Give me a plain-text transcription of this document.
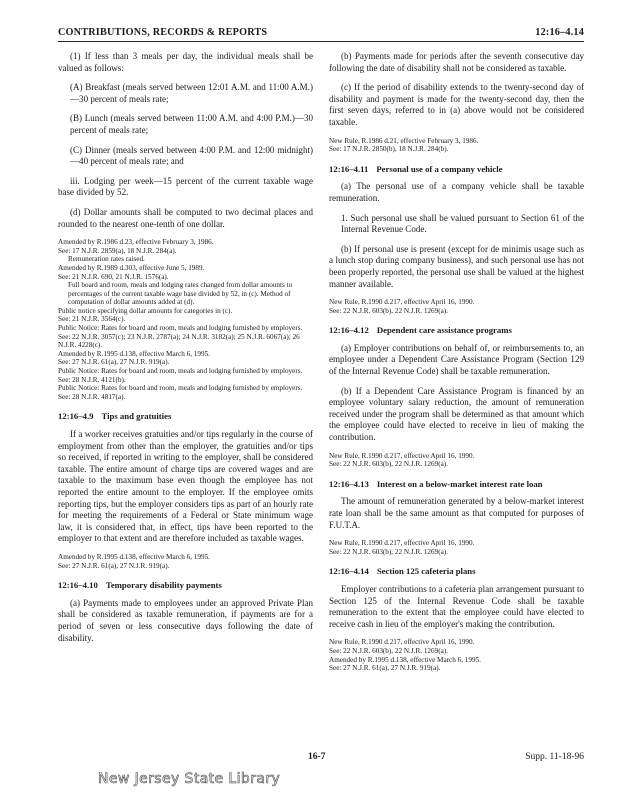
CONTRIBUTIONS, RECORDS & REPORTS	12:16–4.14

(1) If less than 3 meals per day, the individual meals shall be valued as follows:

(A) Breakfast (meals served between 12:01 A.M. and 11:00 A.M.)—30 percent of meals rate;

(B) Lunch (meals served between 11:00 A.M. and 4:00 P.M.)—30 percent of meals rate;

(C) Dinner (meals served between 4:00 P.M. and 12:00 midnight)—40 percent of meals rate; and

iii. Lodging per week—15 percent of the current taxable wage base divided by 52.

(d) Dollar amounts shall be computed to two decimal places and rounded to the nearest one-tenth of one dollar.

Amended by R.1986 d.23, effective February 3, 1986.
See: 17 N.J.R. 2859(a), 18 N.J.R. 284(a).
Remuneration rates raised.
Amended by R.1989 d.303, effective June 5, 1989.
See: 21 N.J.R. 690, 21 N.J.R. 1576(a).
Full board and room, meals and lodging rates changed from dollar amounts to percentages of the current taxable wage base divided by 52, in (c). Method of computation of dollar amounts added at (d).
Public notice specifying dollar amounts for categories in (c).
See: 21 N.J.R. 3564(c).
Public Notice: Rates for board and room, meals and lodging furnished by employers.
See: 22 N.J.R. 3057(c); 23 N.J.R. 2787(a); 24 N.J.R. 3182(a); 25 N.J.R. 6067(a); 26 N.J.R. 4228(c).
Amended by R.1995 d.138, effective March 6, 1995.
See: 27 N.J.R. 61(a), 27 N.J.R. 919(a).
Public Notice: Rates for board and room, meals and lodging furnished by employers.
See: 28 N.J.R. 4121(b).
Public Notice: Rates for board and room, meals and lodging furnished by employers.
See: 28 N.J.R. 4817(a).
12:16–4.9 Tips and gratuities

If a worker receives gratuities and/or tips regularly in the course of employment from other than the employer, the gratuities and/or tips so received, if reported in writing to the employer, shall be considered taxable. The entire amount of charge tips are covered wages and are taxable to the maximum base even though the employee has not reported the entire amount to the employer. If the employee omits reporting tips, but the employer considers tips as part of an hourly rate for meeting the requirements of a Federal or State minimum wage law, it is considered that, in effect, tips have been reported to the employer to that extent and are therefore included as taxable wages.

Amended by R.1995 d.138, effective March 6, 1995.
See: 27 N.J.R. 61(a), 27 N.J.R. 919(a).
12:16–4.10 Temporary disability payments

(a) Payments made to employees under an approved Private Plan shall be considered as taxable remuneration, if payments are for a period of seven or less consecutive days following the date of disability.

(b) Payments made for periods after the seventh consecutive day following the date of disability shall not be considered as taxable.

(c) If the period of disability extends to the twenty-second day of disability and payment is made for the twenty-second day, then the first seven days, referred to in (a) above would not be considered taxable.

New Rule, R.1986 d.21, effective February 3, 1986.
See: 17 N.J.R. 2850(b), 18 N.J.R. 284(b).
12:16–4.11 Personal use of a company vehicle

(a) The personal use of a company vehicle shall be taxable remuneration.

1. Such personal use shall be valued pursuant to Section 61 of the Internal Revenue Code.

(b) If personal use is present (except for de minimis usage such as a lunch stop during company business), and such personal use has not been properly reported, the personal use shall be valued at the highest manner available.

New Rule, R.1990 d.217, effective April 16, 1990.
See: 22 N.J.R. 603(b), 22 N.J.R. 1269(a).
12:16–4.12 Dependent care assistance programs

(a) Employer contributions on behalf of, or reimbursements to, an employee under a Dependent Care Assistance Program (Section 129 of the Internal Revenue Code) shall be taxable remuneration.

(b) If a Dependent Care Assistance Program is financed by an employee voluntary salary reduction, the amount of remuneration received under the program shall be determined as that amount which the employee could have elected to receive in lieu of making the contribution.

New Rule, R.1990 d.217, effective April 16, 1990.
See: 22 N.J.R. 603(b), 22 N.J.R. 1269(a).
12:16–4.13 Interest on a below-market interest rate loan

The amount of remuneration generated by a below-market interest rate loan shall be the same amount as that computed for purposes of F.U.T.A.

New Rule, R.1990 d.217, effective April 16, 1990.
See: 22 N.J.R. 603(b), 22 N.J.R. 1269(a).
12:16–4.14 Section 125 cafeteria plans

Employer contributions to a cafeteria plan arrangement pursuant to Section 125 of the Internal Revenue Code shall be taxable remuneration to the extent that the employee could have elected to receive cash in lieu of the employer's making the contribution.

New Rule, R.1990 d.217, effective April 16, 1990.
See: 22 N.J.R. 603(b), 22 N.J.R. 1269(a).
Amended by R.1995 d.138, effective March 6, 1995.
See: 27 N.J.R. 61(a), 27 N.J.R. 919(a).
16-7	Supp. 11-18-96
New Jersey State Library
